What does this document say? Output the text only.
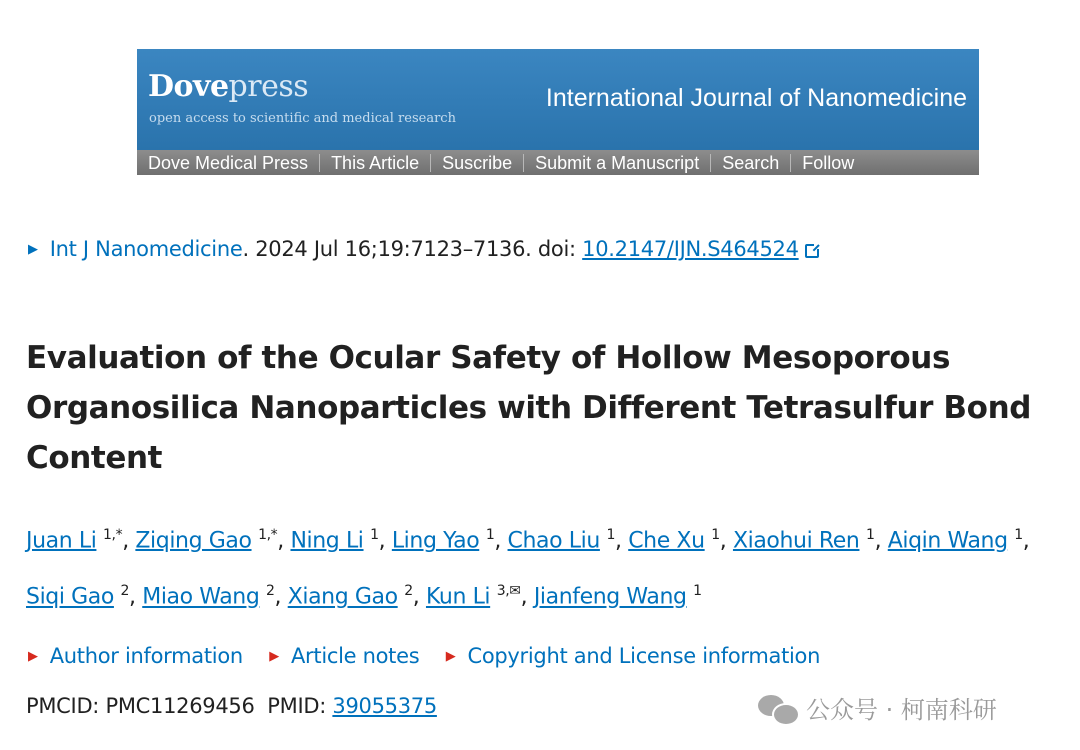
Dovepress
open access to scientific and medical research
International Journal of Nanomedicine
Dove Medical Press	This Article	Suscribe	Submit a Manuscript	Search	Follow
▶ Int J Nanomedicine. 2024 Jul 16;19:7123–7136. doi: 10.2147/IJN.S464524
Evaluation of the Ocular Safety of Hollow Mesoporous Organosilica Nanoparticles with Different Tetrasulfur Bond Content
Juan Li $^{1,*}$, Ziqing Gao $^{1,*}$, Ning Li $^1$, Ling Yao $^1$, Chao Liu $^1$, Che Xu $^1$, Xiaohui Ren $^1$, Aiqin Wang $^1$, Siqi Gao $^2$, Miao Wang $^2$, Xiang Gao $^2$, Kun Li $^{3,✉}$, Jianfeng Wang $^1$
▶ Author information ▶ Article notes ▶ Copyright and License information
PMCID: PMC11269456 PMID: 39055375	公众号 · 柯南科研
